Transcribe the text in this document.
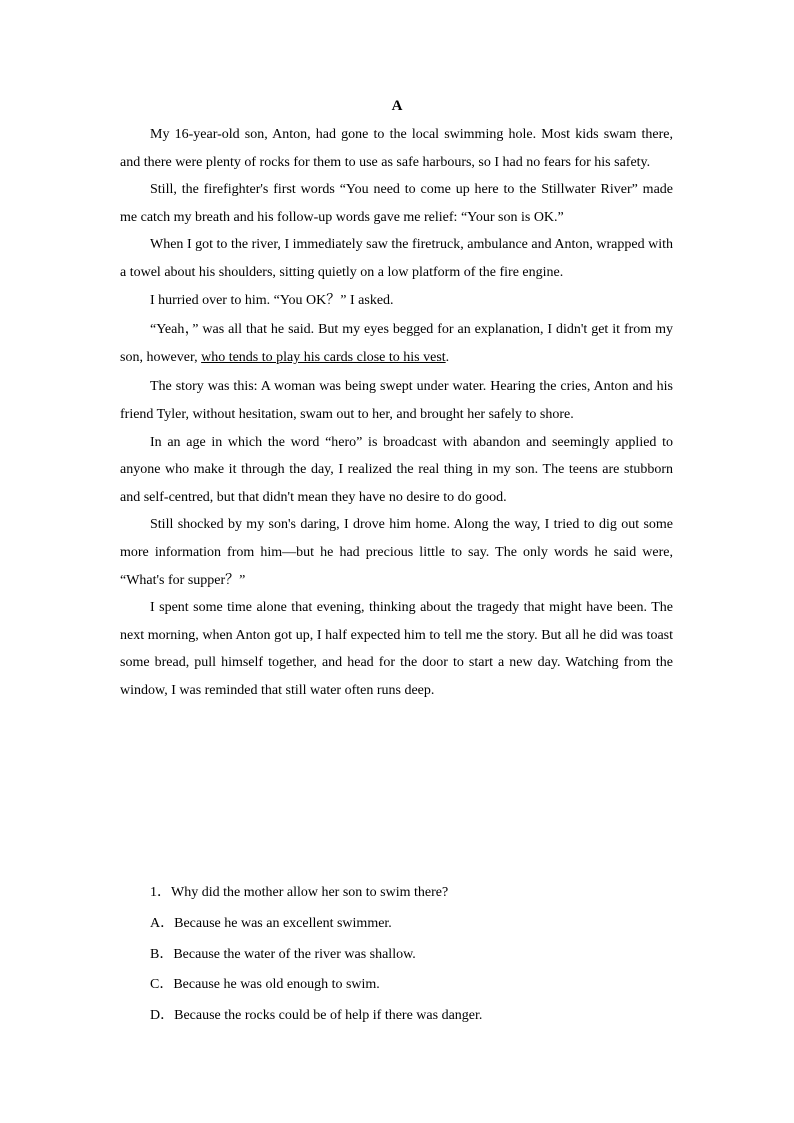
A

My 16-year-old son, Anton, had gone to the local swimming hole. Most kids swam there, and there were plenty of rocks for them to use as safe harbours, so I had no fears for his safety.

Still, the firefighter's first words “You need to come up here to the Stillwater River” made me catch my breath and his follow-up words gave me relief: “Your son is OK.”

When I got to the river, I immediately saw the firetruck, ambulance and Anton, wrapped with a towel about his shoulders, sitting quietly on a low platform of the fire engine.

I hurried over to him. “You OK？” I asked.

“Yeah，” was all that he said. But my eyes begged for an explanation, I didn't get it from my son, however, who tends to play his cards close to his vest.

The story was this: A woman was being swept under water. Hearing the cries, Anton and his friend Tyler, without hesitation, swam out to her, and brought her safely to shore.

In an age in which the word “hero” is broadcast with abandon and seemingly applied to anyone who make it through the day, I realized the real thing in my son. The teens are stubborn and self-centred, but that didn't mean they have no desire to do good.

Still shocked by my son's daring, I drove him home. Along the way, I tried to dig out some more information from him—but he had precious little to say. The only words he said were, “What's for supper？”

I spent some time alone that evening, thinking about the tragedy that might have been. The next morning, when Anton got up, I half expected him to tell me the story. But all he did was toast some bread, pull himself together, and head for the door to start a new day. Watching from the window, I was reminded that still water often runs deep.

1．Why did the mother allow her son to swim there?

A．Because he was an excellent swimmer.

B．Because the water of the river was shallow.

C．Because he was old enough to swim.

D．Because the rocks could be of help if there was danger.
